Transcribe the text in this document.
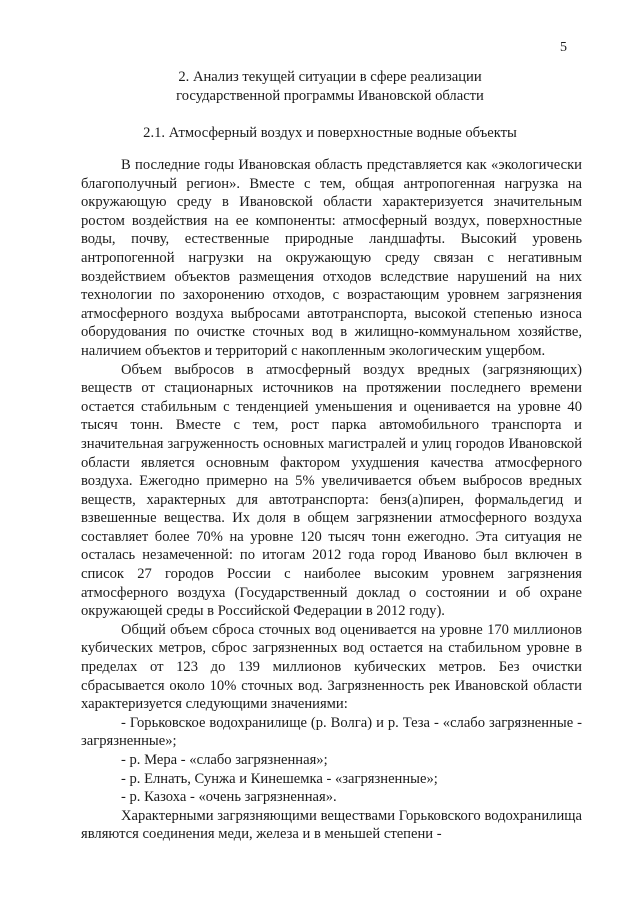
5
2. Анализ текущей ситуации в сфере реализации
государственной программы Ивановской области
2.1. Атмосферный воздух и поверхностные водные объекты

В последние годы Ивановская область представляется как «экологически благополучный регион». Вместе с тем, общая антропогенная нагрузка на окружающую среду в Ивановской области характеризуется значительным ростом воздействия на ее компоненты: атмосферный воздух, поверхностные воды, почву, естественные природные ландшафты. Высокий уровень антропогенной нагрузки на окружающую среду связан с негативным воздействием объектов размещения отходов вследствие нарушений на них технологии по захоронению отходов, с возрастающим уровнем загрязнения атмосферного воздуха выбросами автотранспорта, высокой степенью износа оборудования по очистке сточных вод в жилищно-коммунальном хозяйстве, наличием объектов и территорий с накопленным экологическим ущербом.

Объем выбросов в атмосферный воздух вредных (загрязняющих) веществ от стационарных источников на протяжении последнего времени остается стабильным с тенденцией уменьшения и оценивается на уровне 40 тысяч тонн. Вместе с тем, рост парка автомобильного транспорта и значительная загруженность основных магистралей и улиц городов Ивановской области является основным фактором ухудшения качества атмосферного воздуха. Ежегодно примерно на 5% увеличивается объем выбросов вредных веществ, характерных для автотранспорта: бенз(а)пирен, формальдегид и взвешенные вещества. Их доля в общем загрязнении атмосферного воздуха составляет более 70% на уровне 120 тысяч тонн ежегодно. Эта ситуация не осталась незамеченной: по итогам 2012 года город Иваново был включен в список 27 городов России с наиболее высоким уровнем загрязнения атмосферного воздуха (Государственный доклад о состоянии и об охране окружающей среды в Российской Федерации в 2012 году).

Общий объем сброса сточных вод оценивается на уровне 170 миллионов кубических метров, сброс загрязненных вод остается на стабильном уровне в пределах от 123 до 139 миллионов кубических метров. Без очистки сбрасывается около 10% сточных вод. Загрязненность рек Ивановской области характеризуется следующими значениями:

- Горьковское водохранилище (р. Волга) и р. Теза - «слабо загрязненные - загрязненные»;
- р. Мера - «слабо загрязненная»;
- р. Елнать, Сунжа и Кинешемка - «загрязненные»;
- р. Казоха - «очень загрязненная».

Характерными загрязняющими веществами Горьковского водохранилища являются соединения меди, железа и в меньшей степени -
